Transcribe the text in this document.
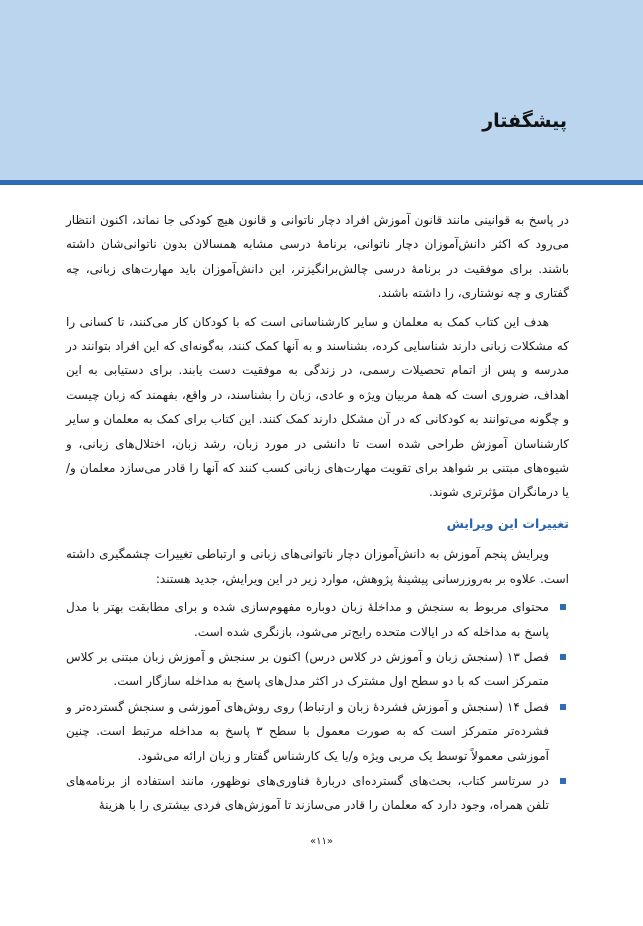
پیشگفتار

در پاسخ به قوانینی مانند قانون آموزش افراد دچار ناتوانی و قانون هیچ کودکی جا نماند، اکنون انتظار می‌رود که اکثر دانش‌آموزان دچار ناتوانی، برنامهٔ درسی مشابه همسالان بدون ناتوانی‌شان داشته باشند. برای موفقیت در برنامهٔ درسی چالش‌برانگیزتر، این دانش‌آموزان باید مهارت‌های زبانی، چه گفتاری و چه نوشتاری، را داشته باشند.

هدف این کتاب کمک به معلمان و سایر کارشناسانی است که با کودکان کار می‌کنند، تا کسانی را که مشکلات زبانی دارند شناسایی کرده، بشناسند و به آنها کمک کنند، به‌گونه‌ای که این افراد بتوانند در مدرسه و پس از اتمام تحصیلات رسمی، در زندگی به موفقیت دست یابند. برای دستیابی به این اهداف، ضروری است که همهٔ مربیان ویژه و عادی، زبان را بشناسند، در واقع، بفهمند که زبان چیست و چگونه می‌توانند به کودکانی که در آن مشکل دارند کمک کنند. این کتاب برای کمک به معلمان و سایر کارشناسان آموزش طراحی شده است تا دانشی در مورد زبان، رشد زبان، اختلال‌های زبانی، و شیوه‌های مبتنی بر شواهد برای تقویت مهارت‌های زبانی کسب کنند که آنها را قادر می‌سازد معلمان و/یا درمانگران مؤثرتری شوند.

تغییرات این ویرایش

ویرایش پنجم آموزش به دانش‌آموزان دچار ناتوانی‌های زبانی و ارتباطی تغییرات چشمگیری داشته است. علاوه بر به‌روزرسانی پیشینهٔ پژوهش، موارد زیر در این ویرایش، جدید هستند:

محتوای مربوط به سنجش و مداخلهٔ زبان دوباره مفهوم‌سازی شده و برای مطابقت بهتر با مدل پاسخ به مداخله که در ایالات متحده رایج‌تر می‌شود، بازنگری شده است.
فصل ۱۳ (سنجش زبان و آموزش در کلاس درس) اکنون بر سنجش و آموزش زبان مبتنی بر کلاس متمرکز است که با دو سطح اول مشترک در اکثر مدل‌های پاسخ به مداخله سازگار است.
فصل ۱۴ (سنجش و آموزش فشردهٔ زبان و ارتباط) روی روش‌های آموزشی و سنجش گسترده‌تر و فشرده‌تر متمرکز است که به صورت معمول با سطح ۳ پاسخ به مداخله مرتبط است. چنین آموزشی معمولاً توسط یک مربی ویژه و/یا یک کارشناس گفتار و زبان ارائه می‌شود.
در سرتاسر کتاب، بحث‌های گسترده‌ای دربارهٔ فناوری‌های نوظهور، مانند استفاده از برنامه‌های تلفن همراه، وجود دارد که معلمان را قادر می‌سازند تا آموزش‌های فردی بیشتری را با هزینهٔ
«۱۱»
